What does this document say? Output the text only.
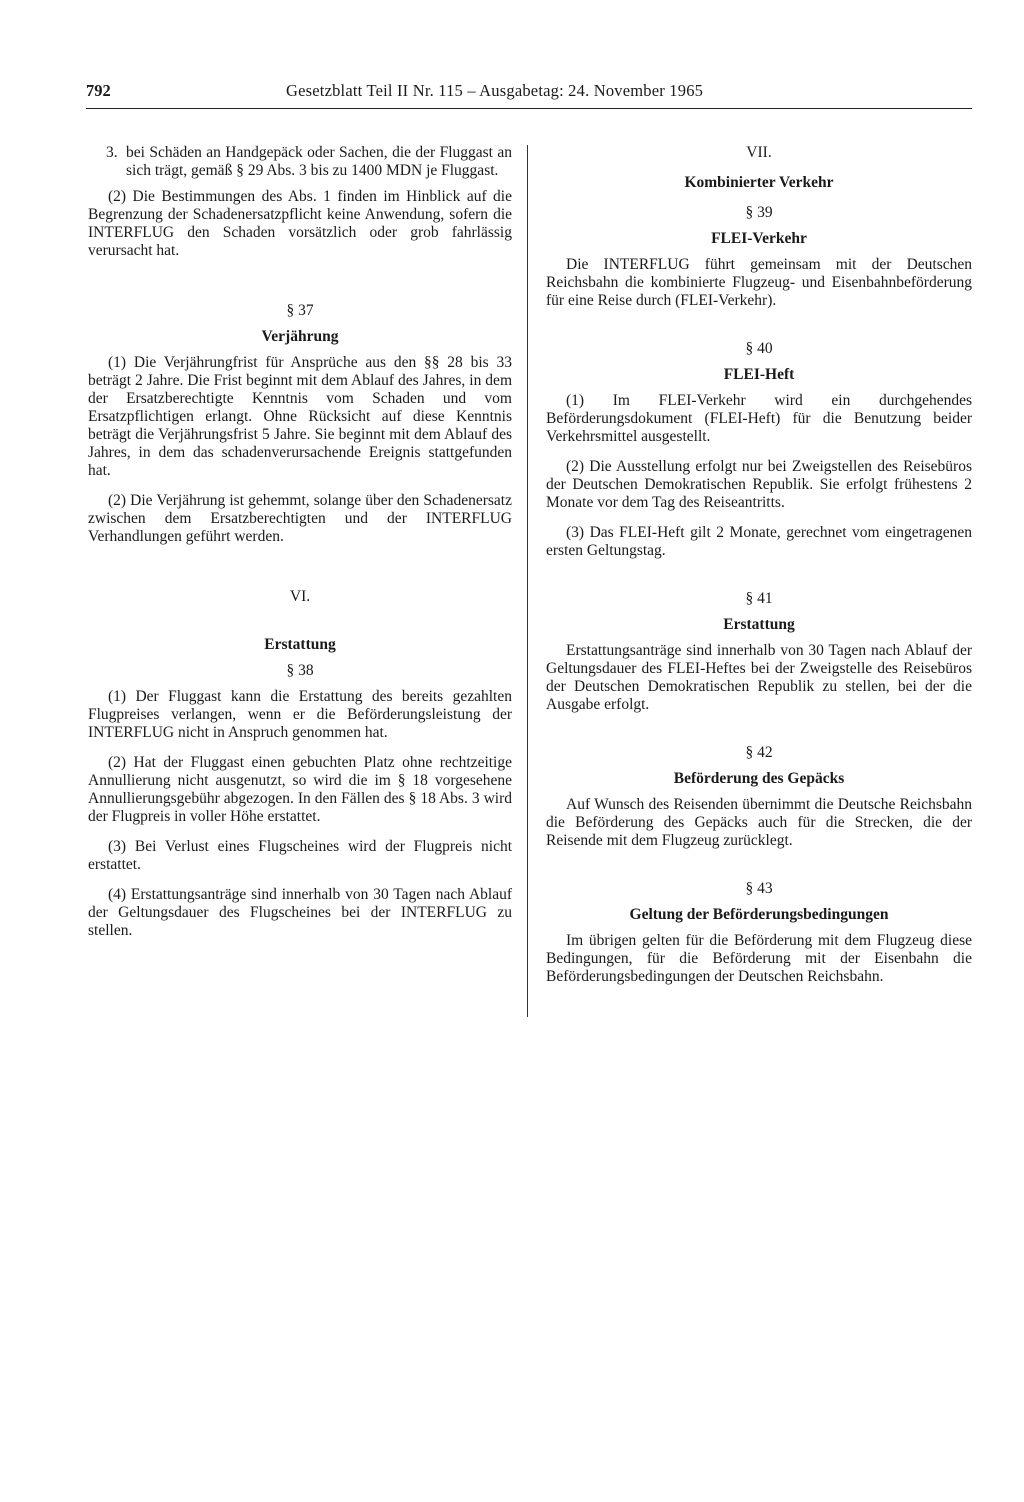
792	Gesetzblatt Teil II Nr. 115 – Ausgabetag: 24. November 1965
3. bei Schäden an Handgepäck oder Sachen, die der Fluggast an sich trägt, gemäß § 29 Abs. 3 bis zu 1400 MDN je Fluggast.

(2) Die Bestimmungen des Abs. 1 finden im Hinblick auf die Begrenzung der Schadenersatzpflicht keine Anwendung, sofern die INTERFLUG den Schaden vorsätzlich oder grob fahrlässig verursacht hat.

§ 37

Verjährung

(1) Die Verjährungfrist für Ansprüche aus den §§ 28 bis 33 beträgt 2 Jahre. Die Frist beginnt mit dem Ablauf des Jahres, in dem der Ersatzberechtigte Kenntnis vom Schaden und vom Ersatzpflichtigen erlangt. Ohne Rücksicht auf diese Kenntnis beträgt die Verjährungsfrist 5 Jahre. Sie beginnt mit dem Ablauf des Jahres, in dem das schadenverursachende Ereignis stattgefunden hat.

(2) Die Verjährung ist gehemmt, solange über den Schadenersatz zwischen dem Ersatzberechtigten und der INTERFLUG Verhandlungen geführt werden.

VI.

Erstattung

§ 38

(1) Der Fluggast kann die Erstattung des bereits gezahlten Flugpreises verlangen, wenn er die Beförderungsleistung der INTERFLUG nicht in Anspruch genommen hat.

(2) Hat der Fluggast einen gebuchten Platz ohne rechtzeitige Annullierung nicht ausgenutzt, so wird die im § 18 vorgesehene Annullierungsgebühr abgezogen. In den Fällen des § 18 Abs. 3 wird der Flugpreis in voller Höhe erstattet.

(3) Bei Verlust eines Flugscheines wird der Flugpreis nicht erstattet.

(4) Erstattungsanträge sind innerhalb von 30 Tagen nach Ablauf der Geltungsdauer des Flugscheines bei der INTERFLUG zu stellen.

VII.

Kombinierter Verkehr

§ 39

FLEI-Verkehr

Die INTERFLUG führt gemeinsam mit der Deutschen Reichsbahn die kombinierte Flugzeug- und Eisenbahnbeförderung für eine Reise durch (FLEI-Verkehr).

§ 40

FLEI-Heft

(1) Im FLEI-Verkehr wird ein durchgehendes Beförderungsdokument (FLEI-Heft) für die Benutzung beider Verkehrsmittel ausgestellt.

(2) Die Ausstellung erfolgt nur bei Zweigstellen des Reisebüros der Deutschen Demokratischen Republik. Sie erfolgt frühestens 2 Monate vor dem Tag des Reiseantritts.

(3) Das FLEI-Heft gilt 2 Monate, gerechnet vom eingetragenen ersten Geltungstag.

§ 41

Erstattung

Erstattungsanträge sind innerhalb von 30 Tagen nach Ablauf der Geltungsdauer des FLEI-Heftes bei der Zweigstelle des Reisebüros der Deutschen Demokratischen Republik zu stellen, bei der die Ausgabe erfolgt.

§ 42

Beförderung des Gepäcks

Auf Wunsch des Reisenden übernimmt die Deutsche Reichsbahn die Beförderung des Gepäcks auch für die Strecken, die der Reisende mit dem Flugzeug zurücklegt.

§ 43

Geltung der Beförderungsbedingungen

Im übrigen gelten für die Beförderung mit dem Flugzeug diese Bedingungen, für die Beförderung mit der Eisenbahn die Beförderungsbedingungen der Deutschen Reichsbahn.
